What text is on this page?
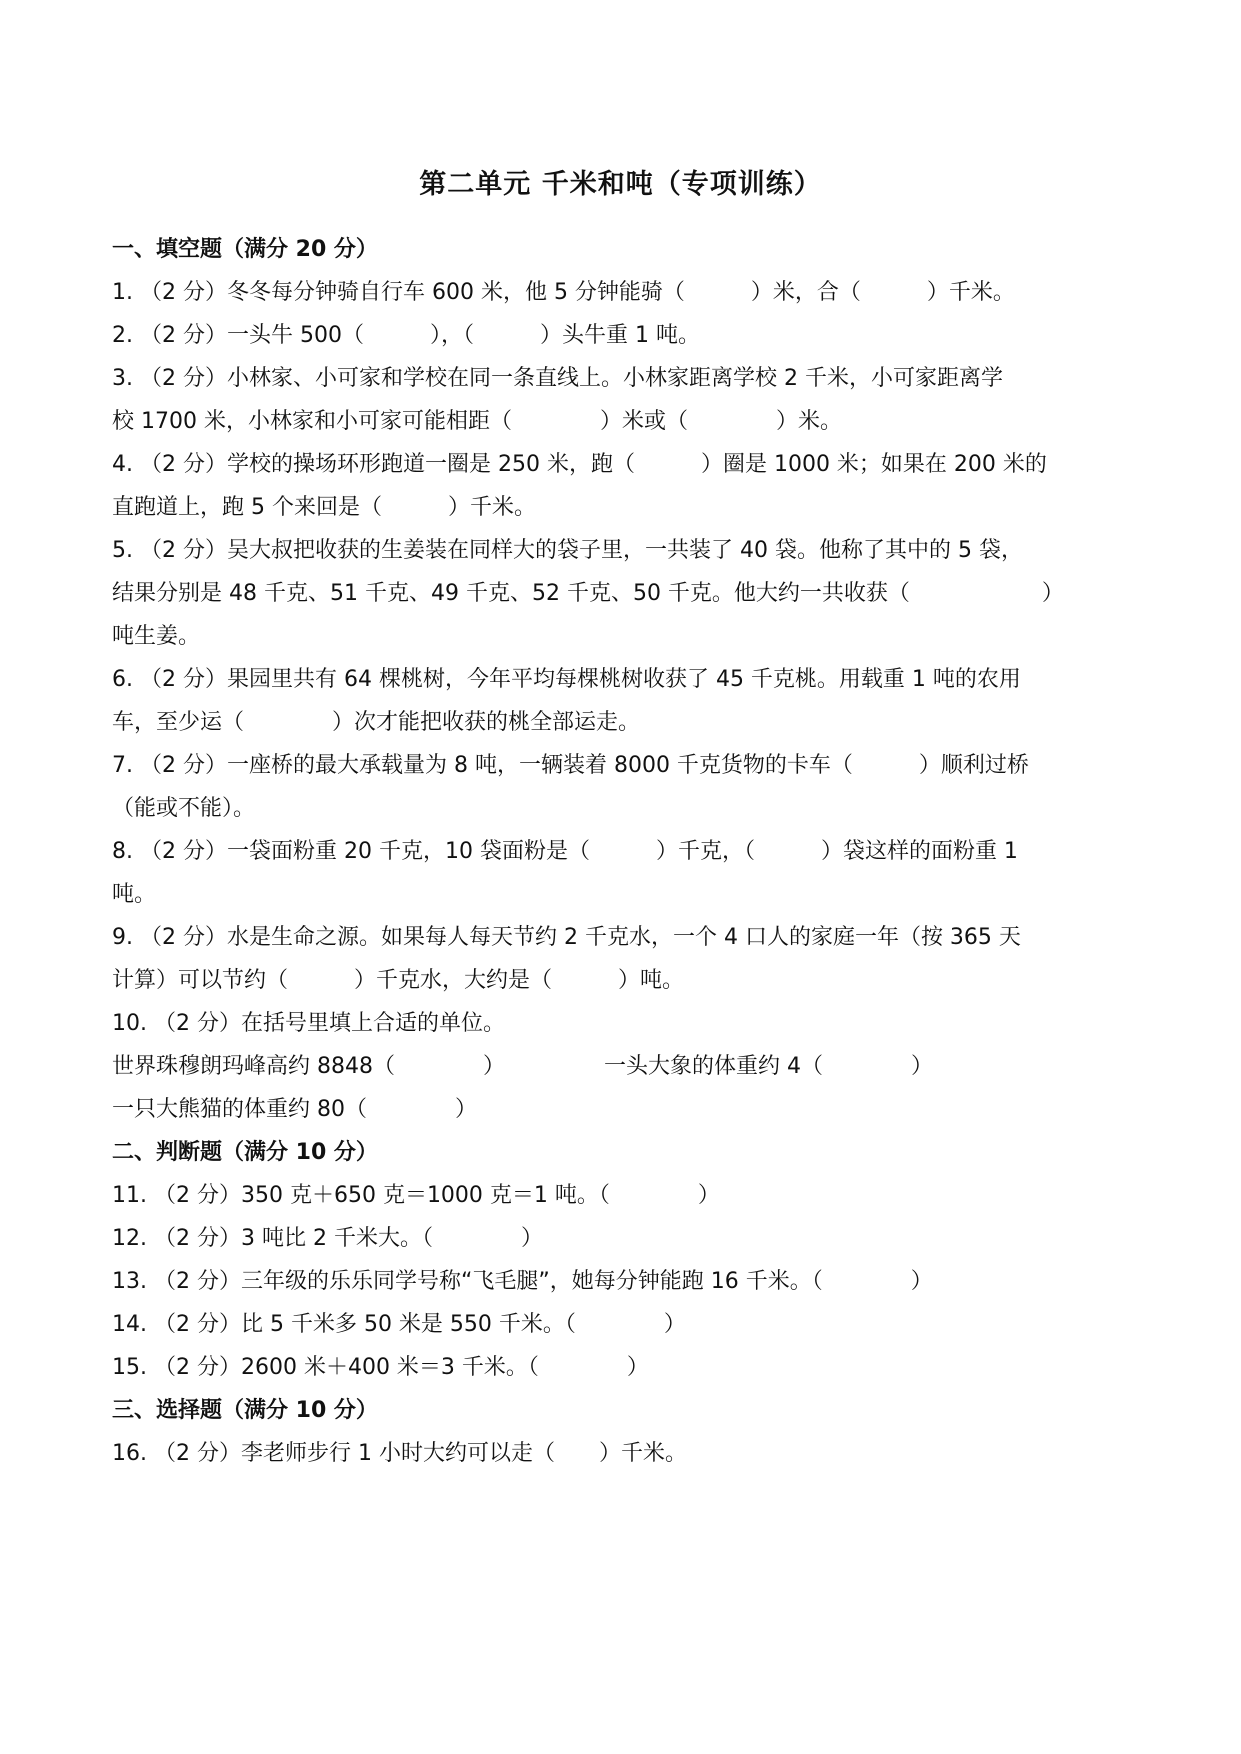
第二单元 千米和吨（专项训练）
一、填空题（满分 20 分）
1. （2 分）冬冬每分钟骑自行车 600 米，他 5 分钟能骑（　　　）米，合（　　　）千米。
2. （2 分）一头牛 500（　　　），（　　　）头牛重 1 吨。
3. （2 分）小林家、小可家和学校在同一条直线上。小林家距离学校 2 千米，小可家距离学
校 1700 米，小林家和小可家可能相距（　　　　）米或（　　　　）米。
4. （2 分）学校的操场环形跑道一圈是 250 米，跑（　　　）圈是 1000 米；如果在 200 米的
直跑道上，跑 5 个来回是（　　　）千米。
5. （2 分）吴大叔把收获的生姜装在同样大的袋子里，一共装了 40 袋。他称了其中的 5 袋，
结果分别是 48 千克、51 千克、49 千克、52 千克、50 千克。他大约一共收获（　　　　　　）
吨生姜。
6. （2 分）果园里共有 64 棵桃树，今年平均每棵桃树收获了 45 千克桃。用载重 1 吨的农用
车，至少运（　　　　）次才能把收获的桃全部运走。
7. （2 分）一座桥的最大承载量为 8 吨，一辆装着 8000 千克货物的卡车（　　　）顺利过桥
（能或不能）。
8. （2 分）一袋面粉重 20 千克，10 袋面粉是（　　　）千克，（　　　）袋这样的面粉重 1
吨。
9. （2 分）水是生命之源。如果每人每天节约 2 千克水，一个 4 口人的家庭一年（按 365 天
计算）可以节约（　　　）千克水，大约是（　　　）吨。
10. （2 分）在括号里填上合适的单位。
世界珠穆朗玛峰高约 8848（　　　　）　　　　　一头大象的体重约 4（　　　　）
一只大熊猫的体重约 80（　　　　）
二、判断题（满分 10 分）
11. （2 分）350 克＋650 克＝1000 克＝1 吨。（　　　　）
12. （2 分）3 吨比 2 千米大。（　　　　）
13. （2 分）三年级的乐乐同学号称“飞毛腿”，她每分钟能跑 16 千米。（　　　　）
14. （2 分）比 5 千米多 50 米是 550 千米。（　　　　）
15. （2 分）2600 米＋400 米＝3 千米。（　　　　）
三、选择题（满分 10 分）
16. （2 分）李老师步行 1 小时大约可以走（　　）千米。
